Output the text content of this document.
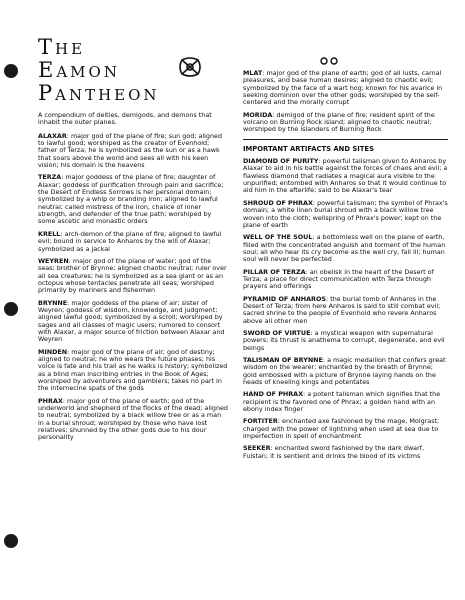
The
Eamon
Pantheon
A compendium of deities, demigods, and demons that inhabit the outer planes.
ALAXAR: major god of the plane of fire; sun god; aligned to lawful good; worshiped as the creator of Evenhold; father of Terza; he is symbolized as the sun or as a hawk that soars above the world and sees all with his keen vision; his domain is the heavens
TERZA: major goddess of the plane of fire; daughter of Alaxar; goddess of purification through pain and sacrifice; the Desert of Endless Sorrows is her personal domain; symbolized by a whip or branding iron; aligned to lawful neutral; called mistress of the iron, chalice of inner strength, and defender of the true path; worshiped by some ascetic and monastic orders
KRELL: arch-demon of the plane of fire; aligned to lawful evil; bound in service to Anharos by the will of Alaxar; symbolized as a jackal
WEYREN: major god of the plane of water; god of the seas; brother of Brynne; aligned chaotic neutral; ruler over all sea creatures; he is symbolized as a sea giant or as an octopus whose tentacles penetrate all seas; worshiped primarily by mariners and fishermen
BRYNNE: major goddess of the plane of air; sister of Weyren; goddess of wisdom, knowledge, and judgment; aligned lawful good; symbolized by a scroll; worshiped by sages and all classes of magic users; rumored to consort with Alaxar, a major source of friction between Alaxar and Weyren
MINDEN: major god of the plane of air; god of destiny; aligned to neutral; he who wears the future phases; his voice is fate and his trail as he walks is history; symbolized as a blind man inscribing entries in the Book of Ages; worshiped by adventurers and gamblers; takes no part in the internecine spats of the gods
PHRAX: major god of the plane of earth; god of the underworld and shepherd of the flocks of the dead; aligned to neutral; symbolized by a black willow tree or as a man in a burial shroud; worshiped by those who have lost relatives; shunned by the other gods due to his dour personality
MLAT: major god of the plane of earth; god of all lusts, carnal pleasures, and base human desires; aligned to chaotic evil; symbolized by the face of a wart hog; known for his avarice in seeking dominion over the other gods; worshiped by the self-centered and the morally corrupt
MORIDA: demigod of the plane of fire; resident spirit of the volcano on Burning Rock island; aligned to chaotic neutral; worshiped by the islanders of Burning Rock
IMPORTANT ARTIFACTS AND SITES
DIAMOND OF PURITY: powerful talisman given to Anharos by Alaxar to aid in his battle against the forces of chaos and evil; a flawless diamond that radiates a magical aura visible to the unpurified; entombed with Anharos so that it would continue to aid him in the afterlife; said to be Alaxar's tear
SHROUD OF PHRAX: powerful talisman; the symbol of Phrax's domain; a white linen burial shroud with a black willow tree woven into the cloth; wellspring of Phrax's power; kept on the plane of earth
WELL OF THE SOUL: a bottomless well on the plane of earth, filled with the concentrated anguish and torment of the human soul; all who hear its cry become as the well cry, fall ill; human soul will never be perfected
PILLAR OF TERZA: an obelisk in the heart of the Desert of Terza; a place for direct communication with Terza through prayers and offerings
PYRAMID OF ANHAROS: the burial tomb of Anharos in the Desert of Terza; from here Anharos is said to still combat evil; sacred shrine to the people of Evenhold who revere Anharos above all other men
SWORD OF VIRTUE: a mystical weapon with supernatural powers; its thrust is anathema to corrupt, degenerate, and evil beings
TALISMAN OF BRYNNE: a magic medallion that confers great wisdom on the wearer; enchanted by the breath of Brynne; gold embossed with a picture of Brynne laying hands on the heads of kneeling kings and potentates
HAND OF PHRAX: a potent talisman which signifies that the recipient is the favored one of Phrax; a golden hand with an ebony index finger
FORTITER: enchanted axe fashioned by the mage, Molgrast; charged with the power of lightning when used at sea due to imperfection in spell of enchantment
SEEKER: enchanted sword fashioned by the dark dwarf, Fulstan; it is sentient and drinks the blood of its victims
